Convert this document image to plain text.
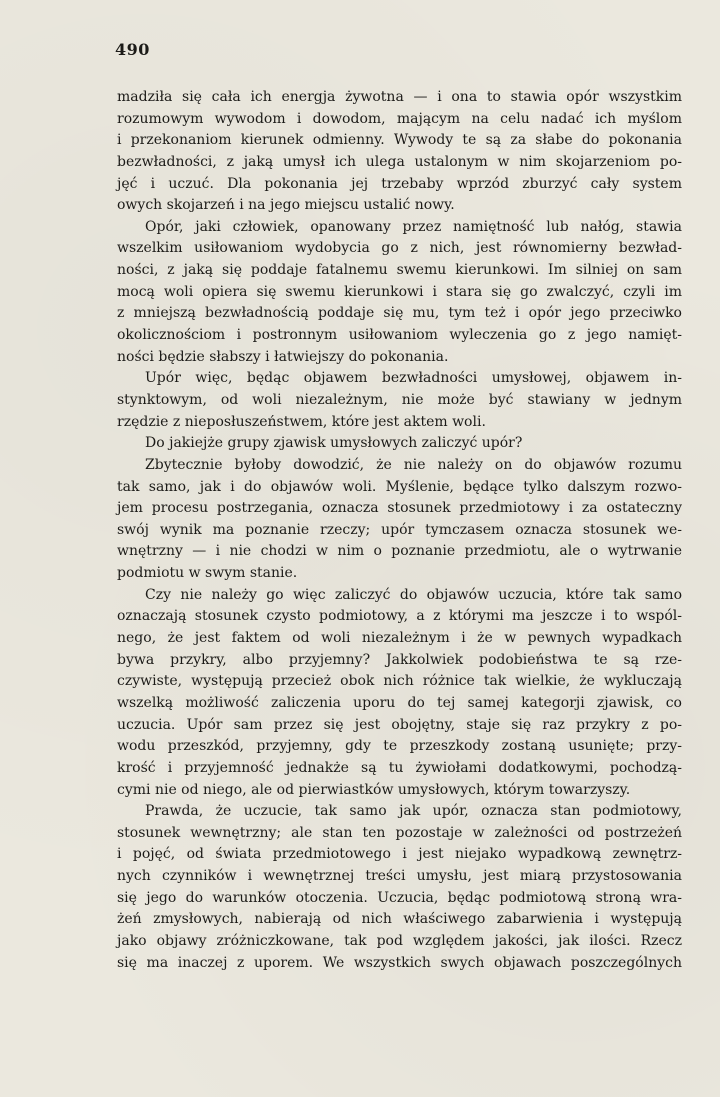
490
madziła się cała ich energja żywotna — i ona to stawia opór wszystkim
rozumowym wywodom i dowodom, mającym na celu nadać ich myślom
i przekonaniom kierunek odmienny. Wywody te są za słabe do pokonania
bezwładności, z jaką umysł ich ulega ustalonym w nim skojarzeniom po-
jęć i uczuć. Dla pokonania jej trzebaby wprzód zburzyć cały system
owych skojarzeń i na jego miejscu ustalić nowy.
Opór, jaki człowiek, opanowany przez namiętność lub nałóg, stawia
wszelkim usiłowaniom wydobycia go z nich, jest równomierny bezwład-
ności, z jaką się poddaje fatalnemu swemu kierunkowi. Im silniej on sam
mocą woli opiera się swemu kierunkowi i stara się go zwalczyć, czyli im
z mniejszą bezwładnością poddaje się mu, tym też i opór jego przeciwko
okolicznościom i postronnym usiłowaniom wyleczenia go z jego namięt-
ności będzie słabszy i łatwiejszy do pokonania.
Upór więc, będąc objawem bezwładności umysłowej, objawem in-
stynktowym, od woli niezależnym, nie może być stawiany w jednym
rzędzie z nieposłuszeństwem, które jest aktem woli.
Do jakiejże grupy zjawisk umysłowych zaliczyć upór?
Zbytecznie byłoby dowodzić, że nie należy on do objawów rozumu
tak samo, jak i do objawów woli. Myślenie, będące tylko dalszym rozwo-
jem procesu postrzegania, oznacza stosunek przedmiotowy i za ostateczny
swój wynik ma poznanie rzeczy; upór tymczasem oznacza stosunek we-
wnętrzny — i nie chodzi w nim o poznanie przedmiotu, ale o wytrwanie
podmiotu w swym stanie.
Czy nie należy go więc zaliczyć do objawów uczucia, które tak samo
oznaczają stosunek czysto podmiotowy, a z którymi ma jeszcze i to wspól-
nego, że jest faktem od woli niezależnym i że w pewnych wypadkach
bywa przykry, albo przyjemny? Jakkolwiek podobieństwa te są rze-
czywiste, występują przecież obok nich różnice tak wielkie, że wykluczają
wszelką możliwość zaliczenia uporu do tej samej kategorji zjawisk, co
uczucia. Upór sam przez się jest obojętny, staje się raz przykry z po-
wodu przeszkód, przyjemny, gdy te przeszkody zostaną usunięte; przy-
krość i przyjemność jednakże są tu żywiołami dodatkowymi, pochodzą-
cymi nie od niego, ale od pierwiastków umysłowych, którym towarzyszy.
Prawda, że uczucie, tak samo jak upór, oznacza stan podmiotowy,
stosunek wewnętrzny; ale stan ten pozostaje w zależności od postrzeżeń
i pojęć, od świata przedmiotowego i jest niejako wypadkową zewnętrz-
nych czynników i wewnętrznej treści umysłu, jest miarą przystosowania
się jego do warunków otoczenia. Uczucia, będąc podmiotową stroną wra-
żeń zmysłowych, nabierają od nich właściwego zabarwienia i występują
jako objawy zróżniczkowane, tak pod względem jakości, jak ilości. Rzecz
się ma inaczej z uporem. We wszystkich swych objawach poszczególnych
